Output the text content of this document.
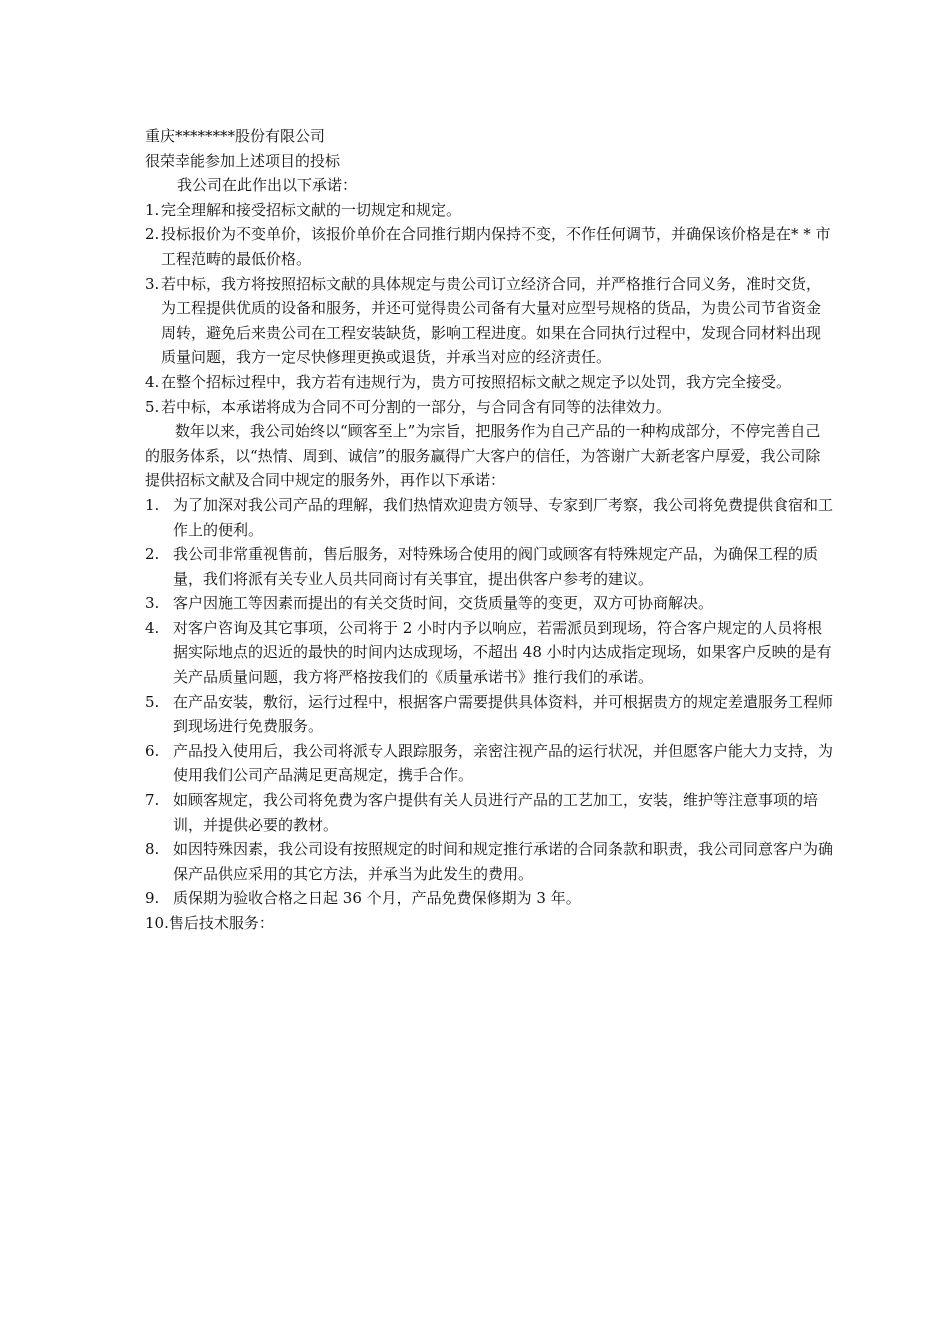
重庆********股份有限公司

很荣幸能参加上述项目的投标

我公司在此作出以下承诺：

1. 完全理解和接受招标文献的一切规定和规定。

2. 投标报价为不变单价，该报价单价在合同推行期内保持不变，不作任何调节，并确保该价格是在* * 市工程范畴的最低价格。

3. 若中标，我方将按照招标文献的具体规定与贵公司订立经济合同，并严格推行合同义务，准时交货，为工程提供优质的设备和服务，并还可觉得贵公司备有大量对应型号规格的货品，为贵公司节省资金周转，避免后来贵公司在工程安装缺货，影响工程进度。如果在合同执行过程中，发现合同材料出现质量问题，我方一定尽快修理更换或退货，并承当对应的经济责任。

4. 在整个招标过程中，我方若有违规行为，贵方可按照招标文献之规定予以处罚，我方完全接受。

5. 若中标，本承诺将成为合同不可分割的一部分，与合同含有同等的法律效力。

数年以来，我公司始终以“顾客至上”为宗旨，把服务作为自己产品的一种构成部分，不停完善自己的服务体系，以“热情、周到、诚信”的服务赢得广大客户的信任，为答谢广大新老客户厚爱，我公司除提供招标文献及合同中规定的服务外，再作以下承诺：

1. 为了加深对我公司产品的理解，我们热情欢迎贵方领导、专家到厂考察，我公司将免费提供食宿和工作上的便利。

2. 我公司非常重视售前，售后服务，对特殊场合使用的阀门或顾客有特殊规定产品，为确保工程的质量，我们将派有关专业人员共同商讨有关事宜，提出供客户参考的建议。

3. 客户因施工等因素而提出的有关交货时间，交货质量等的变更，双方可协商解决。

4. 对客户咨询及其它事项，公司将于 2 小时内予以响应，若需派员到现场，符合客户规定的人员将根据实际地点的迟近的最快的时间内达成现场，不超出 48 小时内达成指定现场，如果客户反映的是有关产品质量问题，我方将严格按我们的《质量承诺书》推行我们的承诺。

5. 在产品安装，敷衍，运行过程中，根据客户需要提供具体资料，并可根据贵方的规定差遣服务工程师到现场进行免费服务。

6. 产品投入使用后，我公司将派专人跟踪服务，亲密注视产品的运行状况，并但愿客户能大力支持，为使用我们公司产品满足更高规定，携手合作。

7. 如顾客规定，我公司将免费为客户提供有关人员进行产品的工艺加工，安装，维护等注意事项的培训，并提供必要的教材。

8. 如因特殊因素，我公司设有按照规定的时间和规定推行承诺的合同条款和职责，我公司同意客户为确保产品供应采用的其它方法，并承当为此发生的费用。

9. 质保期为验收合格之日起 36 个月，产品免费保修期为 3 年。

10.售后技术服务：
